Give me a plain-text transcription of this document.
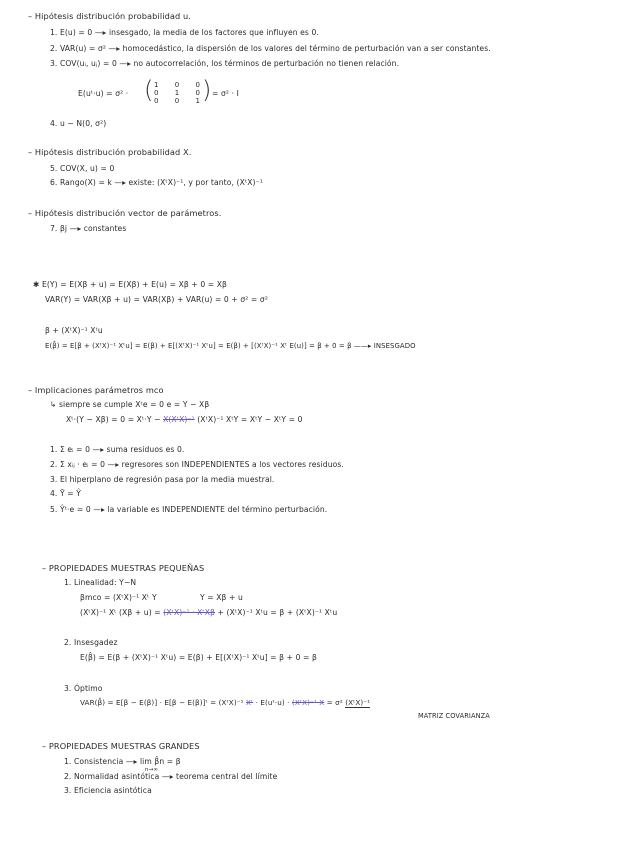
– Hipótesis distribución probabilidad u.
1. E(u) = 0 —▸ insesgado, la media de los factores que influyen es 0.
2. VAR(u) = σ² —▸ homocedástico, la dispersión de los valores del término de perturbación van a ser constantes.
3. COV(uᵢ, uⱼ) = 0 —▸ no autocorrelación, los términos de perturbación no tienen relación.
E(uᵗ·u) = σ² · ( 1 0 0
0 1 0
0 0 1 ) = σ² · I
4. u ~ N(0, σ²)
– Hipótesis distribución probabilidad X.
5. COV(X, u) = 0
6. Rango(X) = k —▸ existe: (XᵗX)⁻¹, y por tanto, (XᵗX)⁻¹
– Hipótesis distribución vector de parámetros.
7. βj —▸ constantes
✱ E(Y) = E(Xβ + u) = E(Xβ) + E(u) = Xβ + 0 = Xβ
VAR(Y) = VAR(Xβ + u) = VAR(Xβ) + VAR(u) = 0 + σ² = σ²
β + (XᵗX)⁻¹ Xᵗu
E(β̂) = E[β + (XᵗX)⁻¹ Xᵗu] = E(β) + E[(XᵗX)⁻¹ Xᵗu] = E(β) + [(XᵗX)⁻¹ Xᵗ E(u)] = β + 0 = β ——▸ INSESGADO
– Implicaciones parámetros mco
↳ siempre se cumple Xᵗe = 0 e = Y − Xβ
Xᵗ·(Y − Xβ) = 0 = Xᵗ·Y − X(XᵗX)⁻¹ (XᵗX)⁻¹ XᵗY = XᵗY − XᵗY = 0
1. Σ eᵢ = 0 —▸ suma residuos es 0.
2. Σ xᵢⱼ · eᵢ = 0 —▸ regresores son INDEPENDIENTES a los vectores residuos.
3. El hiperplano de regresión pasa por la media muestral.
4. Ȳ = Ŷ
5. Ŷᵗ·e = 0 —▸ la variable es INDEPENDIENTE del término perturbación.
– PROPIEDADES MUESTRAS PEQUEÑAS
1. Linealidad: Y~N
βmco = (XᵗX)⁻¹ Xᵗ Y	Y = Xβ + u
(XᵗX)⁻¹ Xᵗ (Xβ + u) = (XᵗX)⁻¹ · XᵗXβ + (XᵗX)⁻¹ Xᵗu = β + (XᵗX)⁻¹ Xᵗu
2. Insesgadez
E(β̂) = E(β + (XᵗX)⁻¹ Xᵗu) = E(β) + E[(XᵗX)⁻¹ Xᵗu] = β + 0 = β
3. Óptimo
VAR(β̂) = E[β − E(β)] · E[β − E(β)]ᵗ = (XᵗX)⁻¹ Xᵗ · E(uᵗ·u) · (XᵗX)⁻¹ X = σ² (XᵗX)⁻¹
MATRIZ COVARIANZA
– PROPIEDADES MUESTRAS GRANDES
1. Consistencia —▸ lim β̂n = β
n→∞
2. Normalidad asintótica —▸ teorema central del límite
3. Eficiencia asintótica
